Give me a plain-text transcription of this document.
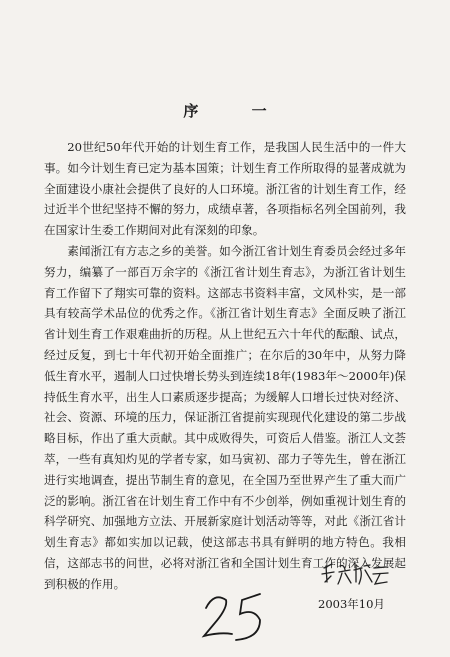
序 一

20世纪50年代开始的计划生育工作，是我国人民生活中的一件大事。如今计划生育已定为基本国策；计划生育工作所取得的显著成就为全面建设小康社会提供了良好的人口环境。浙江省的计划生育工作，经过近半个世纪坚持不懈的努力，成绩卓著，各项指标名列全国前列，我在国家计生委工作期间对此有深刻的印象。

素闻浙江有方志之乡的美誉。如今浙江省计划生育委员会经过多年努力，编纂了一部百万余字的《浙江省计划生育志》，为浙江省计划生育工作留下了翔实可靠的资料。这部志书资料丰富，文风朴实，是一部具有较高学术品位的优秀之作。《浙江省计划生育志》全面反映了浙江省计划生育工作艰难曲折的历程。从上世纪五六十年代的酝酿、试点，经过反复，到七十年代初开始全面推广；在尔后的30年中，从努力降低生育水平，遏制人口过快增长势头到连续18年(1983年～2000年)保持低生育水平，出生人口素质逐步提高；为缓解人口增长过快对经济、社会、资源、环境的压力，保证浙江省提前实现现代化建设的第二步战略目标，作出了重大贡献。其中成败得失，可资后人借鉴。浙江人文荟萃，一些有真知灼见的学者专家，如马寅初、邵力子等先生，曾在浙江进行实地调查，提出节制生育的意见，在全国乃至世界产生了重大而广泛的影响。浙江省在计划生育工作中有不少创举，例如重视计划生育的科学研究、加强地方立法、开展新家庭计划活动等等，对此《浙江省计划生育志》都如实加以记载，使这部志书具有鲜明的地方特色。我相信，这部志书的问世，必将对浙江省和全国计划生育工作的深入发展起到积极的作用。

2003年10月
